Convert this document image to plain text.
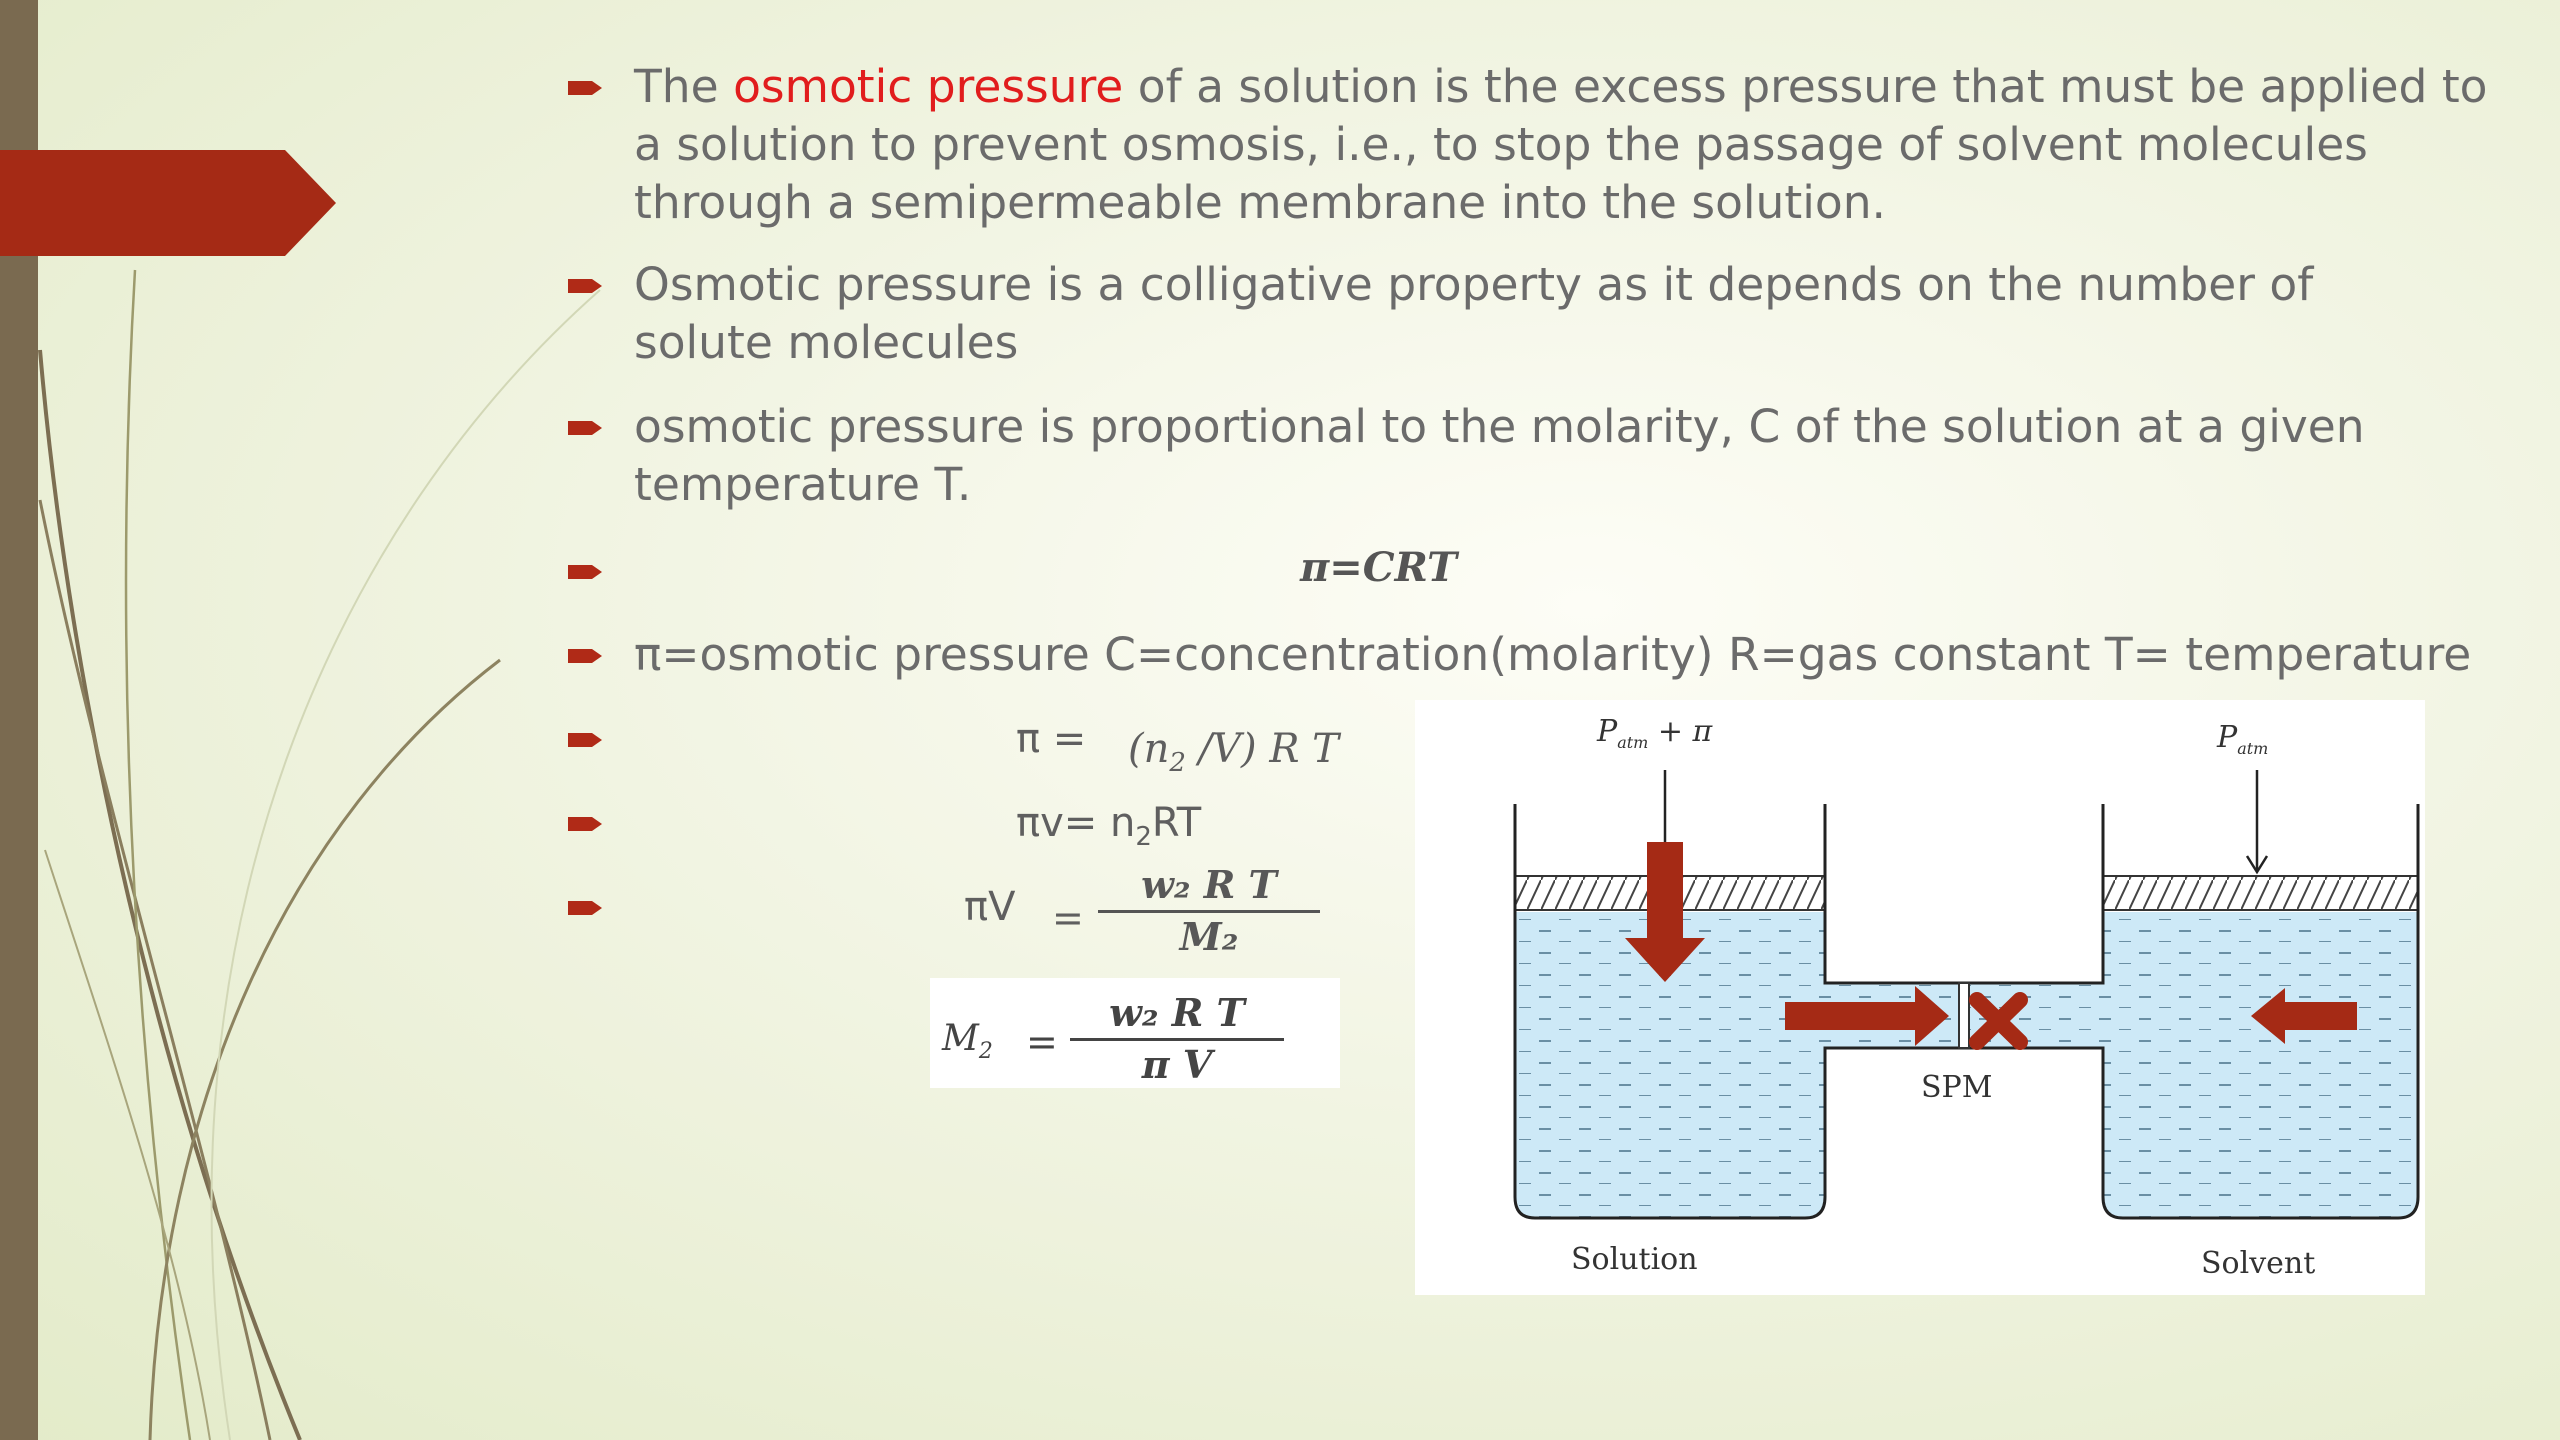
The osmotic pressure of a solution is the excess pressure that must be applied to
a solution to prevent osmosis, i.e., to stop the passage of solvent molecules
through a semipermeable membrane into the solution.
Osmotic pressure is a colligative property as it depends on the number of
solute molecules
osmotic pressure is proportional to the molarity, C of the solution at a given
temperature T.
π=CRT
π=osmotic pressure C=concentration(molarity) R=gas constant T= temperature
$\pi = (n_2$ /V) R T
$\pi v= n_2RT$
πV =
w₂ R T
M₂
$M_2$ =
w₂ R T
π V
$P_{atm} + \pi$	$P_{atm}$
SPM
Solution	Solvent
